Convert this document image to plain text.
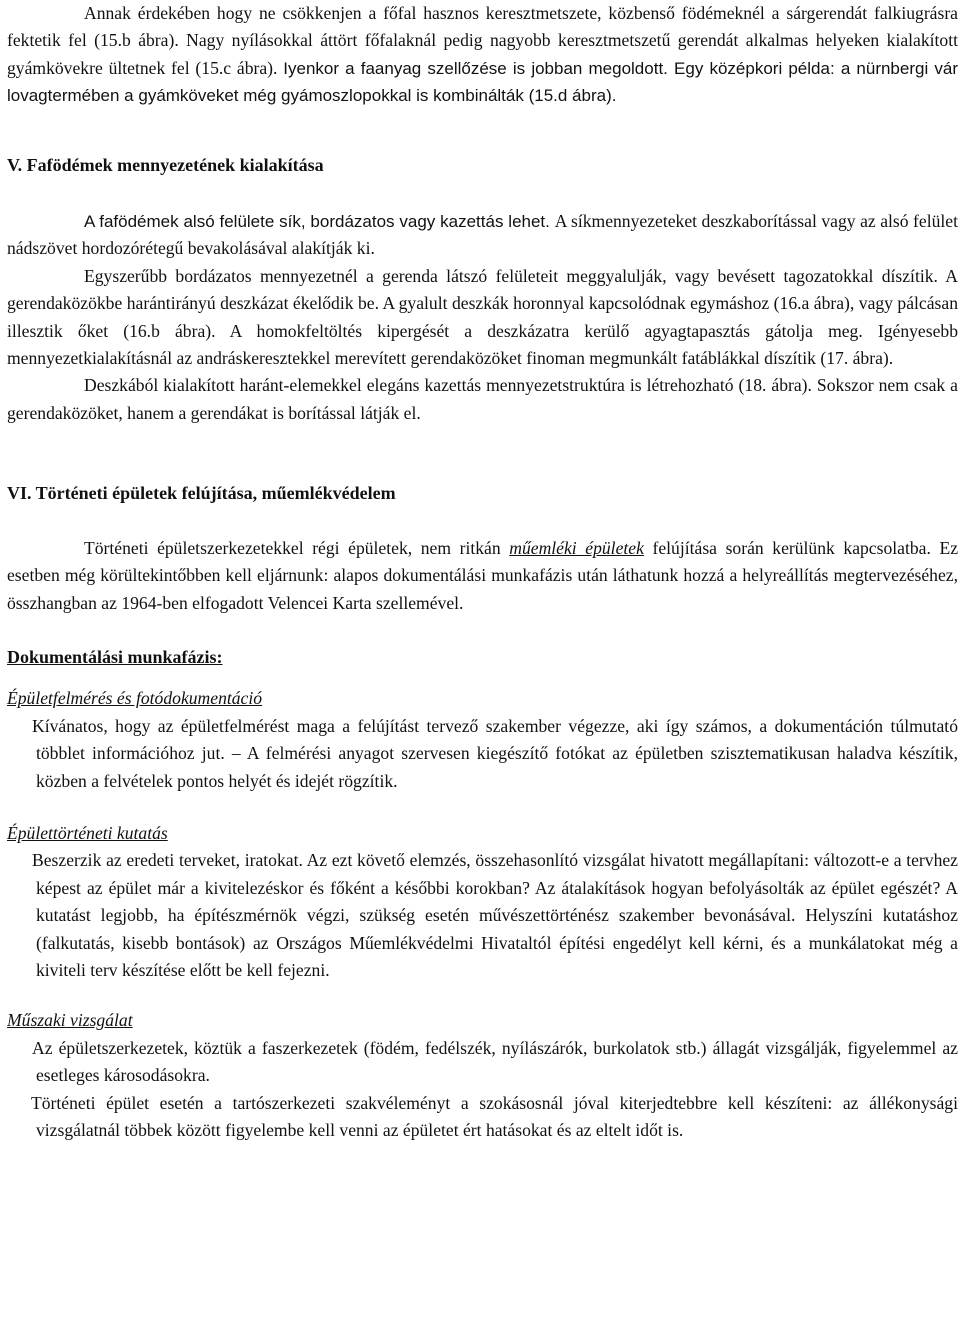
Annak érdekében hogy ne csökkenjen a főfal hasznos keresztmetszete, közbenső födémeknél a sárgerendát falkiugrásra fektetik fel (15.b ábra). Nagy nyílásokkal áttört főfalaknál pedig nagyobb keresztmetszetű gerendát alkalmas helyeken kialakított gyámkövekre ültetnek fel (15.c ábra). Iyenkor a faanyag szellőzése is jobban megoldott. Egy középkori példa: a nürnbergi vár lovagtermében a gyámköveket még gyámoszlopokkal is kombinálták (15.d ábra).

V. Fafödémek mennyezetének kialakítása

A fafödémek alsó felülete sík, bordázatos vagy kazettás lehet. A síkmennyezeteket deszkaborítással vagy az alsó felület nádszövet hordozórétegű bevakolásával alakítják ki.

Egyszerűbb bordázatos mennyezetnél a gerenda látszó felületeit meggyalulják, vagy bevésett tagozatokkal díszítik. A gerendaközökbe harántirányú deszkázat ékelődik be. A gyalult deszkák horonnyal kapcsolódnak egymáshoz (16.a ábra), vagy pálcásan illesztik őket (16.b ábra). A homokfeltöltés kipergését a deszkázatra kerülő agyagtapasztás gátolja meg. Igényesebb mennyezetkialakításnál az andráskeresztekkel merevített gerendaközöket finoman megmunkált fatáblákkal díszítik (17. ábra).

Deszkából kialakított haránt-elemekkel elegáns kazettás mennyezetstruktúra is létrehozható (18. ábra). Sokszor nem csak a gerendaközöket, hanem a gerendákat is borítással látják el.

VI. Történeti épületek felújítása, műemlékvédelem

Történeti épületszerkezetekkel régi épületek, nem ritkán műemléki épületek felújítása során kerülünk kapcsolatba. Ez esetben még körültekintőbben kell eljárnunk: alapos dokumentálási munkafázis után láthatunk hozzá a helyreállítás megtervezéséhez, összhangban az 1964-ben elfogadott Velencei Karta szellemével.

Dokumentálási munkafázis:

Épületfelmérés és fotódokumentáció

Kívánatos, hogy az épületfelmérést maga a felújítást tervező szakember végezze, aki így számos, a dokumentáción túlmutató többlet információhoz jut. – A felmérési anyagot szervesen kiegészítő fotókat az épületben szisztematikusan haladva készítik, közben a felvételek pontos helyét és idejét rögzítik.

Épülettörténeti kutatás

Beszerzik az eredeti terveket, iratokat. Az ezt követő elemzés, összehasonlító vizsgálat hivatott megállapítani: változott-e a tervhez képest az épület már a kivitelezéskor és főként a későbbi korokban? Az átalakítások hogyan befolyásolták az épület egészét? A kutatást legjobb, ha építészmérnök végzi, szükség esetén művészettörténész szakember bevonásával. Helyszíni kutatáshoz (falkutatás, kisebb bontások) az Országos Műemlékvédelmi Hivataltól építési engedélyt kell kérni, és a munkálatokat még a kiviteli terv készítése előtt be kell fejezni.

Műszaki vizsgálat

Az épületszerkezetek, köztük a faszerkezetek (födém, fedélszék, nyílászárók, burkolatok stb.) állagát vizsgálják, figyelemmel az esetleges károsodásokra.

Történeti épület esetén a tartószerkezeti szakvéleményt a szokásosnál jóval kiterjedtebbre kell készíteni: az állékonysági vizsgálatnál többek között figyelembe kell venni az épületet ért hatásokat és az eltelt időt is.
